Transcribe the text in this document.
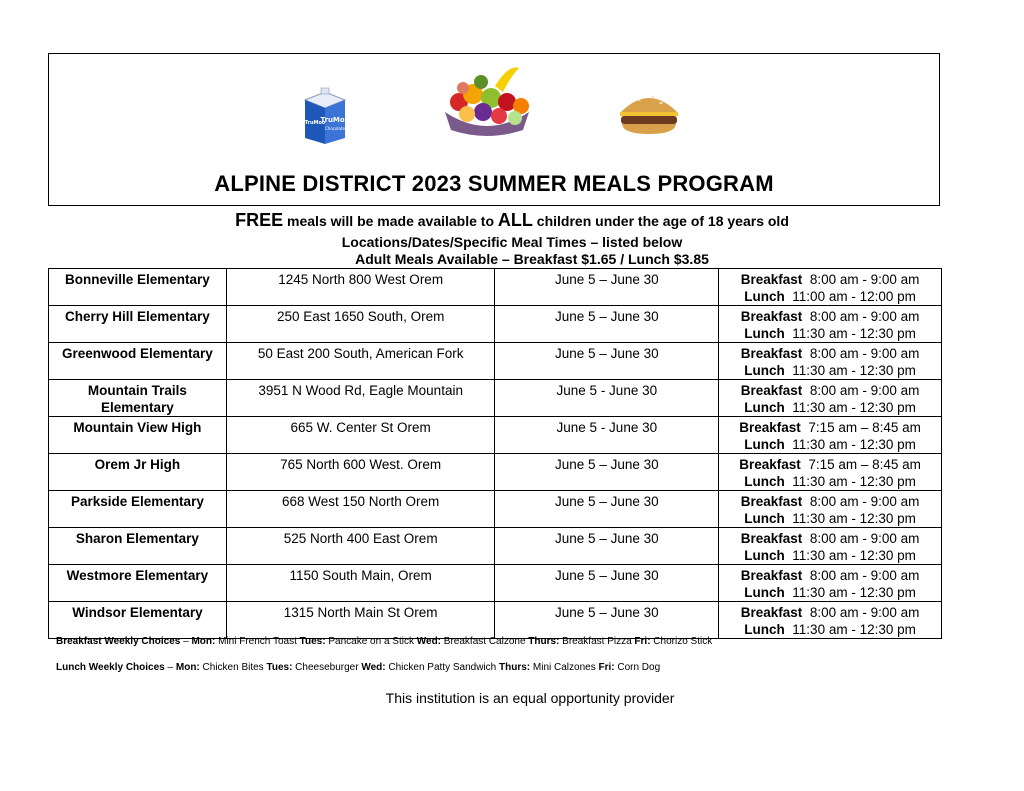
TruMoo
Chocolate
TruMoo
ALPINE DISTRICT 2023 SUMMER MEALS PROGRAM
FREE meals will be made available to ALL children under the age of 18 years old
Locations/Dates/Specific Meal Times – listed below
Adult Meals Available – Breakfast $1.65 / Lunch $3.85
Bonneville Elementary	1245 North 800 West Orem	June 5 – June 30	Breakfast 8:00 am - 9:00 am
Lunch 11:00 am - 12:00 pm

Cherry Hill Elementary	250 East 1650 South, Orem	June 5 – June 30	Breakfast 8:00 am - 9:00 am
Lunch 11:30 am - 12:30 pm

Greenwood Elementary	50 East 200 South, American Fork	June 5 – June 30	Breakfast 8:00 am - 9:00 am
Lunch 11:30 am - 12:30 pm

Mountain Trails Elementary	3951 N Wood Rd, Eagle Mountain	June 5 - June 30	Breakfast 8:00 am - 9:00 am
Lunch 11:30 am - 12:30 pm

Mountain View High	665 W. Center St Orem	June 5 - June 30	Breakfast 7:15 am – 8:45 am
Lunch 11:30 am - 12:30 pm

Orem Jr High	765 North 600 West. Orem	June 5 – June 30	Breakfast 7:15 am – 8:45 am
Lunch 11:30 am - 12:30 pm

Parkside Elementary	668 West 150 North Orem	June 5 – June 30	Breakfast 8:00 am - 9:00 am
Lunch 11:30 am - 12:30 pm

Sharon Elementary	525 North 400 East Orem	June 5 – June 30	Breakfast 8:00 am - 9:00 am
Lunch 11:30 am - 12:30 pm

Westmore Elementary	1150 South Main, Orem	June 5 – June 30	Breakfast 8:00 am - 9:00 am
Lunch 11:30 am - 12:30 pm

Windsor Elementary	1315 North Main St Orem	June 5 – June 30	Breakfast 8:00 am - 9:00 am
Lunch 11:30 am - 12:30 pm
Breakfast Weekly Choices – Mon: Mini French Toast Tues: Pancake on a Stick Wed: Breakfast Calzone Thurs: Breakfast Pizza Fri: Chorizo Stick
Lunch Weekly Choices – Mon: Chicken Bites Tues: Cheeseburger Wed: Chicken Patty Sandwich Thurs: Mini Calzones Fri: Corn Dog
This institution is an equal opportunity provider
